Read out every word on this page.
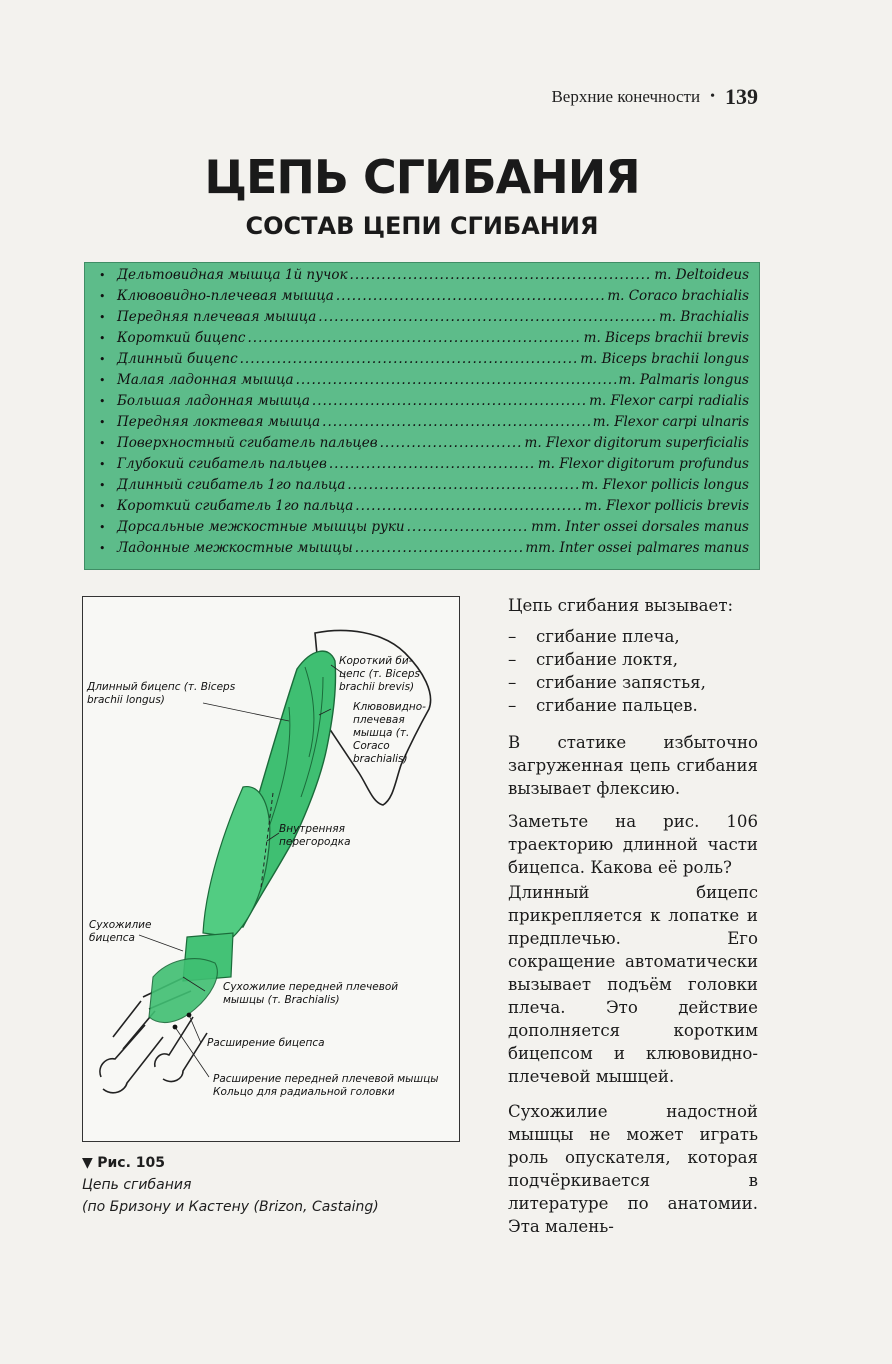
Верхние конечности • 139
ЦЕПЬ СГИБАНИЯ
СОСТАВ ЦЕПИ СГИБАНИЯ
• Дельтовидная мышца 1й пучок .....	m. Deltoideus
• Клювовидно-плечевая мышца .....	m. Coraco brachialis
• Передняя плечевая мышца .....	m. Brachialis
• Короткий бицепс .....	m. Biceps brachii brevis
• Длинный бицепс .....	m. Biceps brachii longus
• Малая ладонная мышца .....	m. Palmaris longus
• Большая ладонная мышца .....	m. Flexor carpi radialis
• Передняя локтевая мышца .....	m. Flexor carpi ulnaris
• Поверхностный сгибатель пальцев .....	m. Flexor digitorum superficialis
• Глубокий сгибатель пальцев .....	m. Flexor digitorum profundus
• Длинный сгибатель 1го пальца .....	m. Flexor pollicis longus
• Короткий сгибатель 1го пальца .....	m. Flexor pollicis brevis
• Дорсальные межкостные мышцы руки .....	mm. Inter ossei dorsales manus
• Ладонные межкостные мышцы .....	mm. Inter ossei palmares manus
Длинный бицепс (т. Biceps brachii longus)
Короткий би- цепс (т. Biceps brachii brevis)
Клювовидно- плечевая мышца (т. Coraco brachialis)
Внутренняя перегородка
Сухожилие бицепса
Сухожилие передней плечевой мышцы (т. Brachialis)
Расширение бицепса
Расширение передней плечевой мышцы
Кольцо для радиальной головки
▼ Рис. 105
Цепь сгибания
(по Бризону и Кастену (Brizon, Castaing)

Цепь сгибания вызывает:

– сгибание плеча,
– сгибание локтя,
– сгибание запястья,
– сгибание пальцев.

В статике избыточно загруженная цепь сгибания вызывает флексию.

Заметьте на рис. 106 траекторию длинной части бицепса. Какова её роль?

Длинный бицепс прикрепляется к лопатке и предплечью. Его сокращение автоматически вызывает подъём головки плеча. Это действие дополняется коротким бицепсом и клювовидно-плечевой мышцей.

Сухожилие надостной мышцы не может играть роль опускателя, которая подчёркивается в литературе по анатомии. Эта малень-
